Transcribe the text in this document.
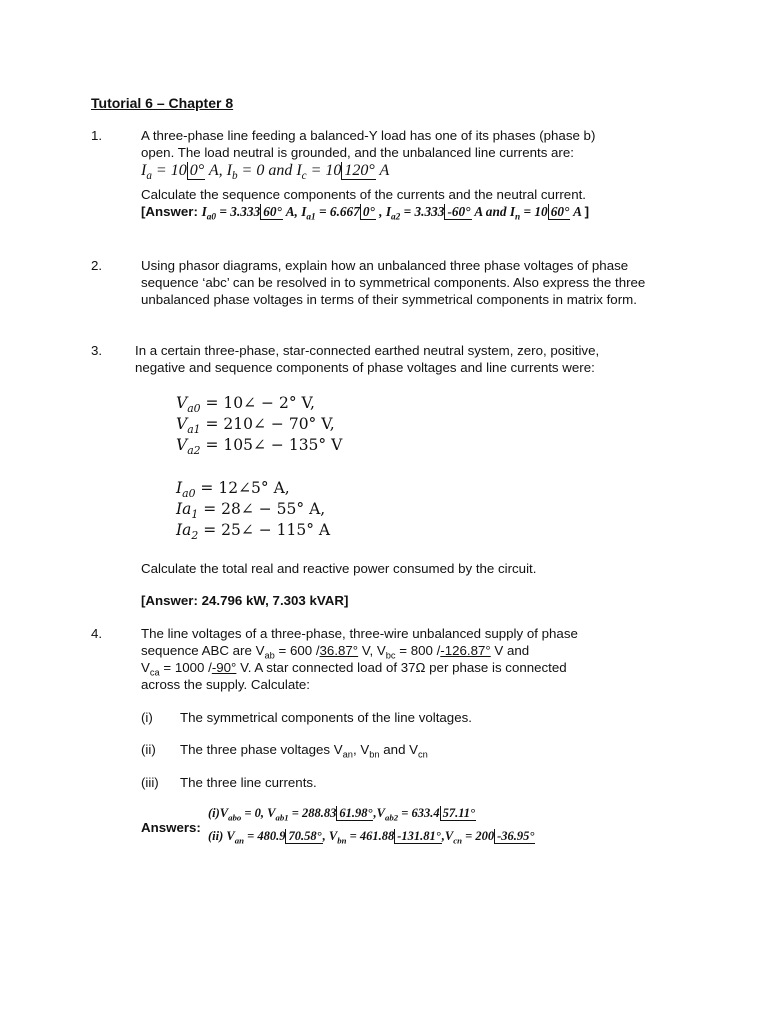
Tutorial 6 – Chapter 8
1.	A three-phase line feeding a balanced-Y load has one of its phases (phase b)
open. The load neutral is grounded, and the unbalanced line currents are:
$I_a = 10$ 0° A, $I_b = 0$ and $I_c = 10$ 120° A
Calculate the sequence components of the currents and the neutral current.
[Answer: $I_{a0} = 3.333$ 60° A, $I_{a1} = 6.667$ 0° , $I_{a2} = 3.333$ -60° A and $I_n = 10$ 60° A ]
2.	Using phasor diagrams, explain how an unbalanced three phase voltages of phase
sequence ‘abc’ can be resolved in to symmetrical components. Also express the three
unbalanced phase voltages in terms of their symmetrical components in matrix form.
3. In a certain three-phase, star-connected earthed neutral system, zero, positive,
negative and sequence components of phase voltages and line currents were:
$V_{a0}$ = 10∠ − 2° V,
$V_{a1}$ = 210∠ − 70° V,
$V_{a2}$ = 105∠ − 135° V
$I_{a0}$ = 12∠5° A,
$Ia_1$ = 28∠ − 55° A,
$Ia_2$ = 25∠ − 115° A
Calculate the total real and reactive power consumed by the circuit.
[Answer: 24.796 kW, 7.303 kVAR]
4.	The line voltages of a three-phase, three-wire unbalanced supply of phase
sequence ABC are $V_{ab} = 600$ /36.87° V, $V_{bc} = 800$ /-126.87° V and
$V_{ca} = 1000$ /-90° V. A star connected load of 37Ω per phase is connected
across the supply. Calculate:
(i) The symmetrical components of the line voltages.
(ii) The three phase voltages $V_{an}$, $V_{bn}$ and $V_{cn}$
(iii) The three line currents.
Answers:
$(i)V_{abo} = 0$, $V_{ab1} = 288.83$ $61.98^\circ,V_{ab2} = 633.4$ 57.11°
(ii) $V_{an} = 480.9$ 70.58°, $V_{bn} = 461.88$ $-131.81^\circ,V_{cn} = 200$ -36.95°
